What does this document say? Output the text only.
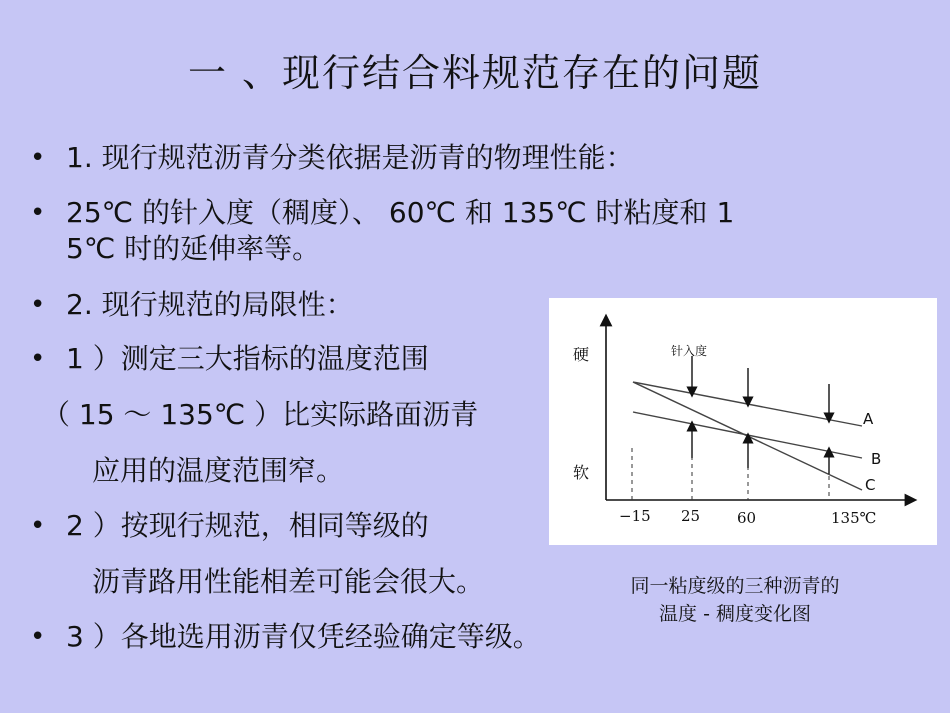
一 、现行结合料规范存在的问题
• 1. 现行规范沥青分类依据是沥青的物理性能：
• 25℃ 的针入度（稠度）、 60℃ 和 135℃ 时粘度和 1
5℃ 时的延伸率等。
• 2. 现行规范的局限性：
• 1 ）测定三大指标的温度范围
（ 15 ～ 135℃ ）比实际路面沥青
应用的温度范围窄。
• 2 ）按现行规范，相同等级的
沥青路用性能相差可能会很大。
• 3 ）各地选用沥青仅凭经验确定等级。
硬
软
针入度
−15 25 60	135℃
A
B
C
同一粘度级的三种沥青的
温度 - 稠度变化图
